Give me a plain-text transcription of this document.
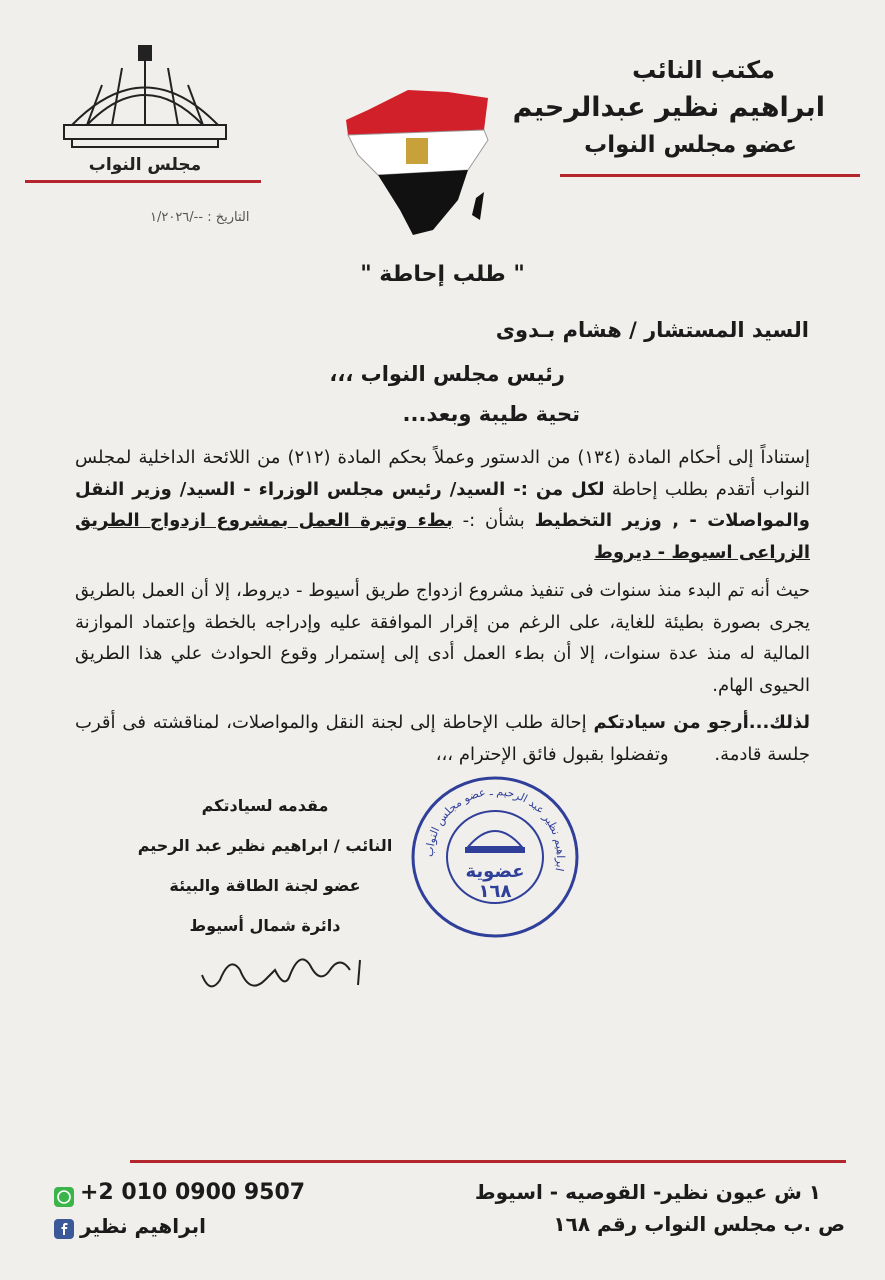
مجلس النواب
مكتب النائب
ابراهيم نظير عبدالرحيم
عضو مجلس النواب
التاريخ : --/١/٢٠٢٦
" طلب إحاطة "
السيد المستشار / هشام بـدوى
رئيس مجلس النواب ،،،
تحية طيبة وبعد...
إستناداً إلى أحكام المادة (١٣٤) من الدستور وعملاً بحكم المادة (٢١٢) من اللائحة الداخلية لمجلس النواب أتقدم بطلب إحاطة لكل من :- السيد/ رئيس مجلس الوزراء - السيد/ وزير النقل والمواصلات - , وزير التخطيط بشأن :- بطء وتيرة العمل بمشروع ازدواج الطريق الزراعى اسيوط - ديروط
حيث أنه تم البدء منذ سنوات فى تنفيذ مشروع ازدواج طريق أسيوط - ديروط، إلا أن العمل بالطريق يجرى بصورة بطيئة للغاية، على الرغم من إقرار الموافقة عليه وإدراجه بالخطة وإعتماد الموازنة المالية له منذ عدة سنوات، إلا أن بطء العمل أدى إلى إستمرار وقوع الحوادث علي هذا الطريق الحيوى الهام.
لذلك...أرجو من سيادتكم إحالة طلب الإحاطة إلى لجنة النقل والمواصلات، لمناقشته فى أقرب جلسة قادمة. وتفضلوا بقبول فائق الإحترام ،،،
مقدمه لسيادتكم
النائب / ابراهيم نظير عبد الرحيم
عضو لجنة الطاقة والبيئة
دائرة شمال أسيوط
ابراهيم نظير عبد الرحيم ـ عضو مجلس النواب
عضوية
١٦٨
١ ش عيون نظير- القوصيه - اسيوط
ص .ب مجلس النواب رقم ١٦٨
+2 010 0900 9507
ابراهيم نظير
